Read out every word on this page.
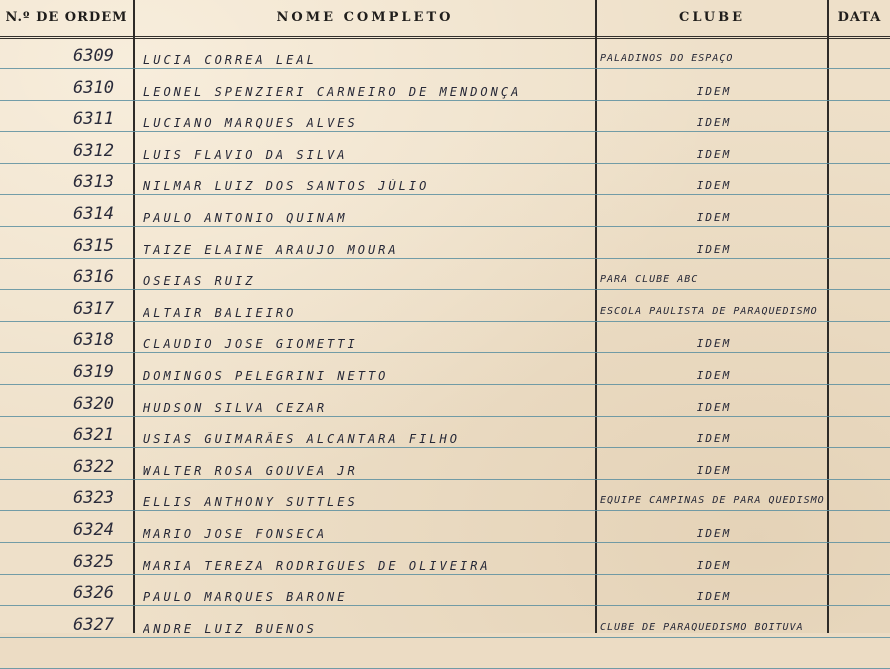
N.º DE ORDEM	NOME COMPLETO	CLUBE	DATA
6309 LUCIA CORREA LEAL	PALADINOS DO ESPAÇO
6310 LEONEL SPENZIERI CARNEIRO DE MENDONÇA	IDEM
6311 LUCIANO MARQUES ALVES	IDEM
6312 LUIS FLAVIO DA SILVA	IDEM
6313 NILMAR LUIZ DOS SANTOS JÚLIO	IDEM
6314 PAULO ANTONIO QUINAM	IDEM
6315 TAIZE ELAINE ARAUJO MOURA	IDEM
6316 OSEIAS RUIZ	PARA CLUBE ABC
6317 ALTAIR BALIEIRO	ESCOLA PAULISTA DE PARAQUEDISMO
6318 CLAUDIO JOSE GIOMETTI	IDEM
6319 DOMINGOS PELEGRINI NETTO	IDEM
6320 HUDSON SILVA CEZAR	IDEM
6321 USIAS GUIMARÃES ALCANTARA FILHO	IDEM
6322 WALTER ROSA GOUVEA JR	IDEM
6323 ELLIS ANTHONY SUTTLES	EQUIPE CAMPINAS DE PARA QUEDISMO
6324 MARIO JOSE FONSECA	IDEM
6325 MARIA TEREZA RODRIGUES DE OLIVEIRA	IDEM
6326 PAULO MARQUES BARONE	IDEM
6327 ANDRE LUIZ BUENOS	CLUBE DE PARAQUEDISMO BOITUVA
